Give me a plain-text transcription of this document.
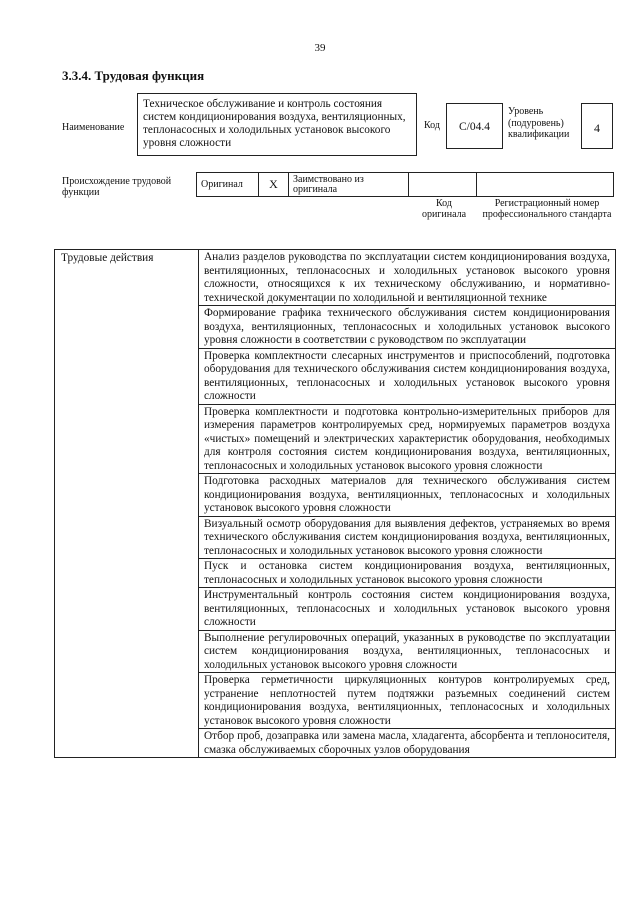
39
3.3.4. Трудовая функция
Наименование
Техническое обслуживание и контроль состояния систем кондиционирования воздуха, вентиляционных, теплонасосных и холодильных установок высокого уровня сложности
Код	C/04.4
Уровень (подуровень) квалификации	4
Происхождение трудовой функции
Оригинал	X	Заимствовано из оригинала		
Код оригинала
Регистрационный номер профессионального стандарта
Трудовые действия	Анализ разделов руководства по эксплуатации систем кондиционирования воздуха, вентиляционных, теплонасосных и холодильных установок высокого уровня сложности, относящихся к их техническому обслуживанию, и нормативно-технической документации по холодильной и вентиляционной технике
Формирование графика технического обслуживания систем кондиционирования воздуха, вентиляционных, теплонасосных и холодильных установок высокого уровня сложности в соответствии с руководством по эксплуатации
Проверка комплектности слесарных инструментов и приспособлений, подготовка оборудования для технического обслуживания систем кондиционирования воздуха, вентиляционных, теплонасосных и холодильных установок высокого уровня сложности
Проверка комплектности и подготовка контрольно-измерительных приборов для измерения параметров контролируемых сред, нормируемых параметров воздуха «чистых» помещений и электрических характеристик оборудования, необходимых для контроля состояния систем кондиционирования воздуха, вентиляционных, теплонасосных и холодильных установок высокого уровня сложности
Подготовка расходных материалов для технического обслуживания систем кондиционирования воздуха, вентиляционных, теплонасосных и холодильных установок высокого уровня сложности
Визуальный осмотр оборудования для выявления дефектов, устраняемых во время технического обслуживания систем кондиционирования воздуха, вентиляционных, теплонасосных и холодильных установок высокого уровня сложности
Пуск и остановка систем кондиционирования воздуха, вентиляционных, теплонасосных и холодильных установок высокого уровня сложности
Инструментальный контроль состояния систем кондиционирования воздуха, вентиляционных, теплонасосных и холодильных установок высокого уровня сложности
Выполнение регулировочных операций, указанных в руководстве по эксплуатации систем кондиционирования воздуха, вентиляционных, теплонасосных и холодильных установок высокого уровня сложности
Проверка герметичности циркуляционных контуров контролируемых сред, устранение неплотностей путем подтяжки разъемных соединений систем кондиционирования воздуха, вентиляционных, теплонасосных и холодильных установок высокого уровня сложности
Отбор проб, дозаправка или замена масла, хладагента, абсорбента и теплоносителя, смазка обслуживаемых сборочных узлов оборудования
